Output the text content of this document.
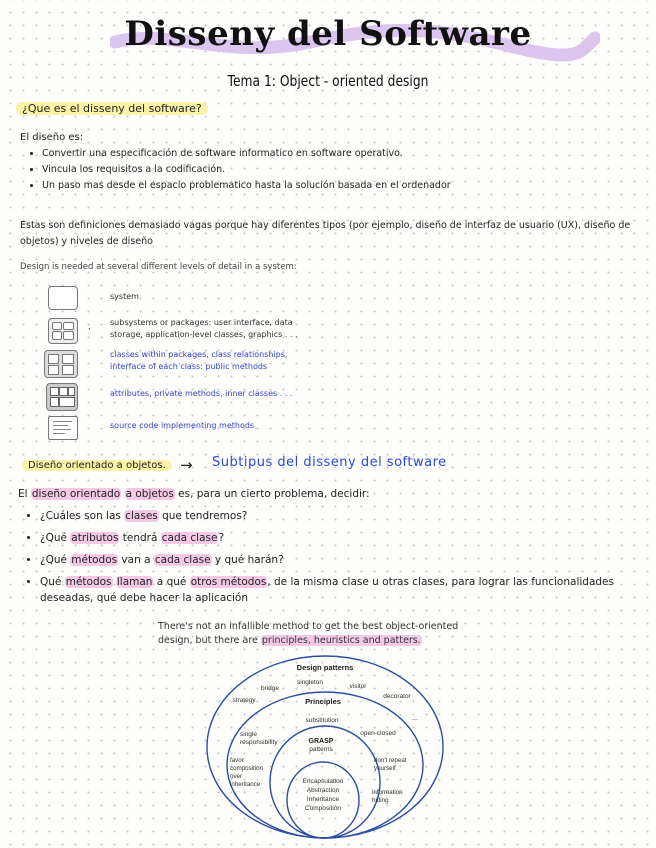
Disseny del Software
Tema 1: Object - oriented design
¿Que es el disseny del software?
El diseño es:
• Convertir una especificación de software informatico en software operativo.
• Vincula los requisitos a la codificación.
• Un paso mas desde el espacio problematico hasta la solución basada en el ordenador
Estas son definiciones demasiado vagas porque hay diferentes tipos (por ejemplo, diseño de interfaz de usuario (UX), diseño de objetos) y niveles de diseño
Design is needed at several different levels of detail in a system:
,
system
subsystems or packages: user interface, data storage, application-level classes, graphics . . .
classes within packages, class relationships, interface of each class: public methods
attributes, private methods, inner classes . . .
source code implementing methods
Diseño orientado a objetos. → Subtipus del disseny del software
El diseño orientado a objetos es, para un cierto problema, decidir:
• ¿Cuáles son las clases que tendremos?
• ¿Qué atributos tendrá cada clase?
• ¿Qué métodos van a cada clase y qué harán?
• Qué métodos llaman a qué otros métodos, de la misma clase u otras clases, para lograr las funcionalidades deseadas, qué debe hacer la aplicación
There's not an infallible method to get the best object-oriented
design, but there are principles, heuristics and patters.
Design patterns
singleton
visitor
bridge
decorator
strategy
...
Principles
substitution
single
responsibility
open-closed
GRASP
patterns
favor
composition
over
inheritance
don't repeat
yourself
information
hiding
Encapsulation
Abstraction
Inheritance
Composition
